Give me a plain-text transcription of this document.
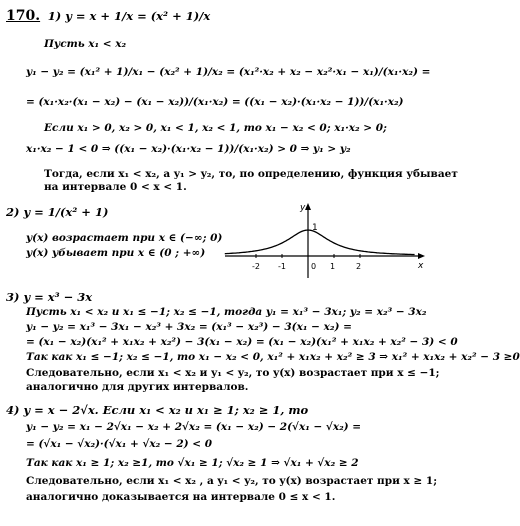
170. 1) y = x + 1/x = (x² + 1)/x
Пусть x₁ < x₂
y₁ − y₂ = (x₁² + 1)/x₁ − (x₂² + 1)/x₂ = (x₁²·x₂ + x₂ − x₂²·x₁ − x₁)/(x₁·x₂) =
= (x₁·x₂·(x₁ − x₂) − (x₁ − x₂))/(x₁·x₂) = ((x₁ − x₂)·(x₁·x₂ − 1))/(x₁·x₂)
Если x₁ > 0, x₂ > 0, x₁ < 1, x₂ < 1, то x₁ − x₂ < 0; x₁·x₂ > 0;
x₁·x₂ − 1 < 0 ⇒ ((x₁ − x₂)·(x₁·x₂ − 1))/(x₁·x₂) > 0 ⇒ y₁ > y₂
Тогда, если x₁ < x₂, а y₁ > y₂, то, по определению, функция убывает
на интервале 0 < x < 1.
2) y = 1/(x² + 1)
y(x) возрастает при x ∈ (−∞; 0)
y(x) убывает при x ∈ (0 ; +∞)
y
x
1
-2 -1	0 1	2
3) y = x³ − 3x
Пусть x₁ < x₂ и x₁ ≤ −1; x₂ ≤ −1, тогда y₁ = x₁³ − 3x₁; y₂ = x₂³ − 3x₂
y₁ − y₂ = x₁³ − 3x₁ − x₂³ + 3x₂ = (x₁³ − x₂³) − 3(x₁ − x₂) =
= (x₁ − x₂)(x₁² + x₁x₂ + x₂²) − 3(x₁ − x₂) = (x₁ − x₂)(x₁² + x₁x₂ + x₂² − 3) < 0
Так как x₁ ≤ −1; x₂ ≤ −1, то x₁ − x₂ < 0, x₁² + x₁x₂ + x₂² ≥ 3 ⇒ x₁² + x₁x₂ + x₂² − 3 ≥0
Следовательно, если x₁ < x₂ и y₁ < y₂, то y(x) возрастает при x ≤ −1;
аналогично для других интервалов.
4) y = x − 2√x. Если x₁ < x₂ и x₁ ≥ 1; x₂ ≥ 1, то
y₁ − y₂ = x₁ − 2√x₁ − x₂ + 2√x₂ = (x₁ − x₂) − 2(√x₁ − √x₂) =
= (√x₁ − √x₂)·(√x₁ + √x₂ − 2) < 0
Так как x₁ ≥ 1; x₂ ≥1, то √x₁ ≥ 1; √x₂ ≥ 1 ⇒ √x₁ + √x₂ ≥ 2
Следовательно, если x₁ < x₂ , а y₁ < y₂, то y(x) возрастает при x ≥ 1;
аналогично доказывается на интервале 0 ≤ x < 1.
